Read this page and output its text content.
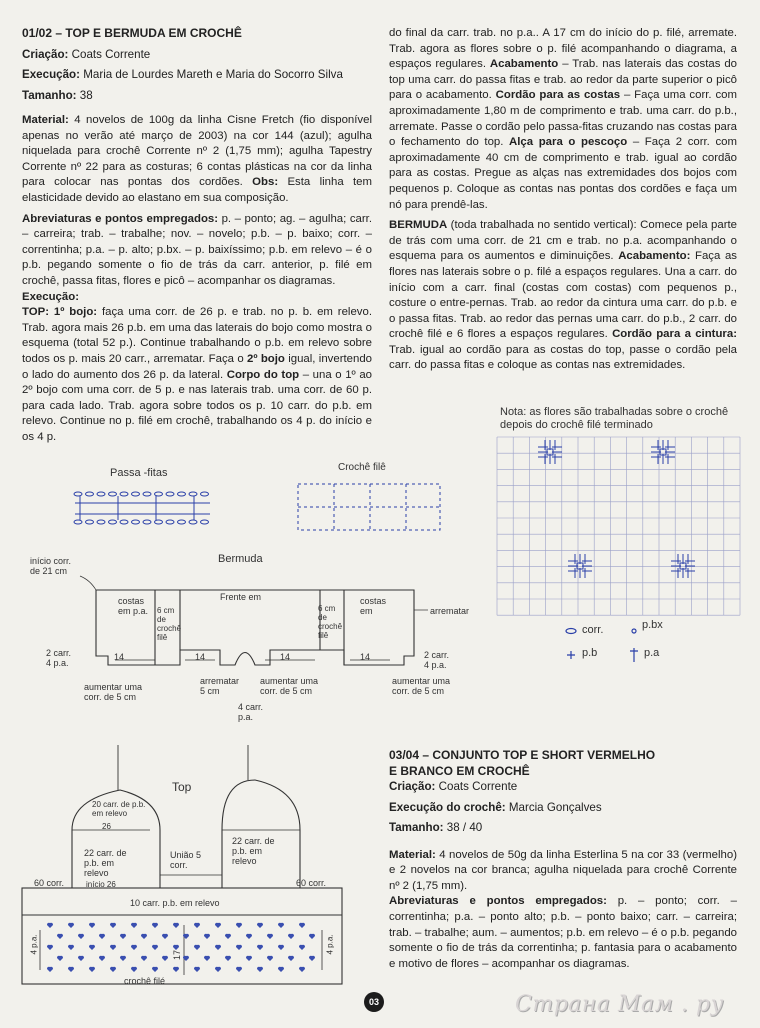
01/02 – TOP E BERMUDA EM CROCHÊ

Criação: Coats Corrente

Execução: Maria de Lourdes Mareth e Maria do Socorro Silva

Tamanho: 38

Material: 4 novelos de 100g da linha Cisne Fretch (fio disponível apenas no verão até março de 2003) na cor 144 (azul); agulha niquelada para crochê Corrente nº 2 (1,75 mm); agulha Tapestry Corrente nº 22 para as costuras; 6 contas plásticas na cor da linha para colocar nas pontas dos cordões. Obs: Esta linha tem elasticidade devido ao elastano em sua composição.

Abreviaturas e pontos empregados: p. – ponto; ag. – agulha; carr. – carreira; trab. – trabalhe; nov. – novelo; p.b. – p. baixo; corr. – correntinha; p.a. – p. alto; p.bx. – p. baixíssimo; p.b. em relevo – é o p.b. pegando somente o fio de trás da carr. anterior, p. filé em crochê, passa fitas, flores e picô – acompanhar os diagramas.

Execução:

TOP: 1º bojo: faça uma corr. de 26 p. e trab. no p. b. em relevo. Trab. agora mais 26 p.b. em uma das laterais do bojo como mostra o esquema (total 52 p.). Continue trabalhando o p.b. em relevo sobre todos os p. mais 20 carr., arrematar. Faça o 2º bojo igual, invertendo o lado do aumento dos 26 p. da lateral. Corpo do top – una o 1º ao 2º bojo com uma corr. de 5 p. e nas laterais trab. uma corr. de 60 p. para cada lado. Trab. agora sobre todos os p. 10 carr. do p.b. em relevo. Continue no p. filé em crochê, trabalhando os 4 p. do início e os 4 p.

do final da carr. trab. no p.a.. A 17 cm do início do p. filé, arremate. Trab. agora as flores sobre o p. filé acompanhando o diagrama, a espaços regulares. Acabamento – Trab. nas laterais das costas do top uma carr. do passa fitas e trab. ao redor da parte superior o picô para o acabamento. Cordão para as costas – Faça uma corr. com aproximadamente 1,80 m de comprimento e trab. uma carr. do p.b., arremate. Passe o cordão pelo passa-fitas cruzando nas costas para o fechamento do top. Alça para o pescoço – Faça 2 corr. com aproximadamente 40 cm de comprimento e trab. igual ao cordão para as costas. Pregue as alças nas extremidades dos bojos com pequenos p. Coloque as contas nas pontas dos cordões e faça um nó para prendê-las.

BERMUDA (toda trabalhada no sentido vertical): Comece pela parte de trás com uma corr. de 21 cm e trab. no p.a. acompanhando o esquema para os aumentos e diminuições. Acabamento: Faça as flores nas laterais sobre o p. filé a espaços regulares. Una a carr. do início com a carr. final (costas com costas) com pequenos p., costure o entre-pernas. Trab. ao redor da cintura uma carr. do p.b. e o passa fitas. Trab. ao redor das pernas uma carr. do p.b., 2 carr. do crochê filé e 6 flores a espaços regulares. Cordão para a cintura: Trab. igual ao cordão para as costas do top, passe o cordão pela carr. do passa fitas e coloque as contas nas extremidades.

Passa -fitas	Crochê filê
Bermuda
início corr. de 21 cm
costas em p.a.	6 cm de crochê filê
Frente em
6 cm de crochê filê
costas em	arrematar
2 carr.
4 p.a.
14	14	14	14	2 carr.
4 p.a.
aumentar uma corr. de 5 cm
arrematar 5 cm
aumentar uma corr. de 5 cm
4 carr. p.a.
aumentar uma corr. de 5 cm
Top
20 carr. de p.b. em relevo
26
22 carr. de p.b. em relevo
início 26
União 5 corr.
22 carr. de p.b. em relevo
60 corr.	60 corr.
10 carr. p.b. em relevo
4 p.a.	4 p.a.
17
crochê filé
Nota: as flores são trabalhadas sobre o crochê depois do crochê filé terminado
corr.	p.bx
p.b	p.a

03/04 – CONJUNTO TOP E SHORT VERMELHO

E BRANCO EM CROCHÊ

Criação: Coats Corrente

Execução do crochê: Marcia Gonçalves

Tamanho: 38 / 40

Material: 4 novelos de 50g da linha Esterlina 5 na cor 33 (vermelho) e 2 novelos na cor branca; agulha niquelada para crochê Corrente nº 2 (1,75 mm).

Abreviaturas e pontos empregados: p. – ponto; corr. – correntinha; p.a. – ponto alto; p.b. – ponto baixo; carr. – carreira; trab. – trabalhe; aum. – aumentos; p.b. em relevo – é o p.b. pegando somente o fio de trás da correntinha; p. fantasia para o acabamento e motivo de flores – acompanhar os diagramas.

03	Страна Мам . ру
